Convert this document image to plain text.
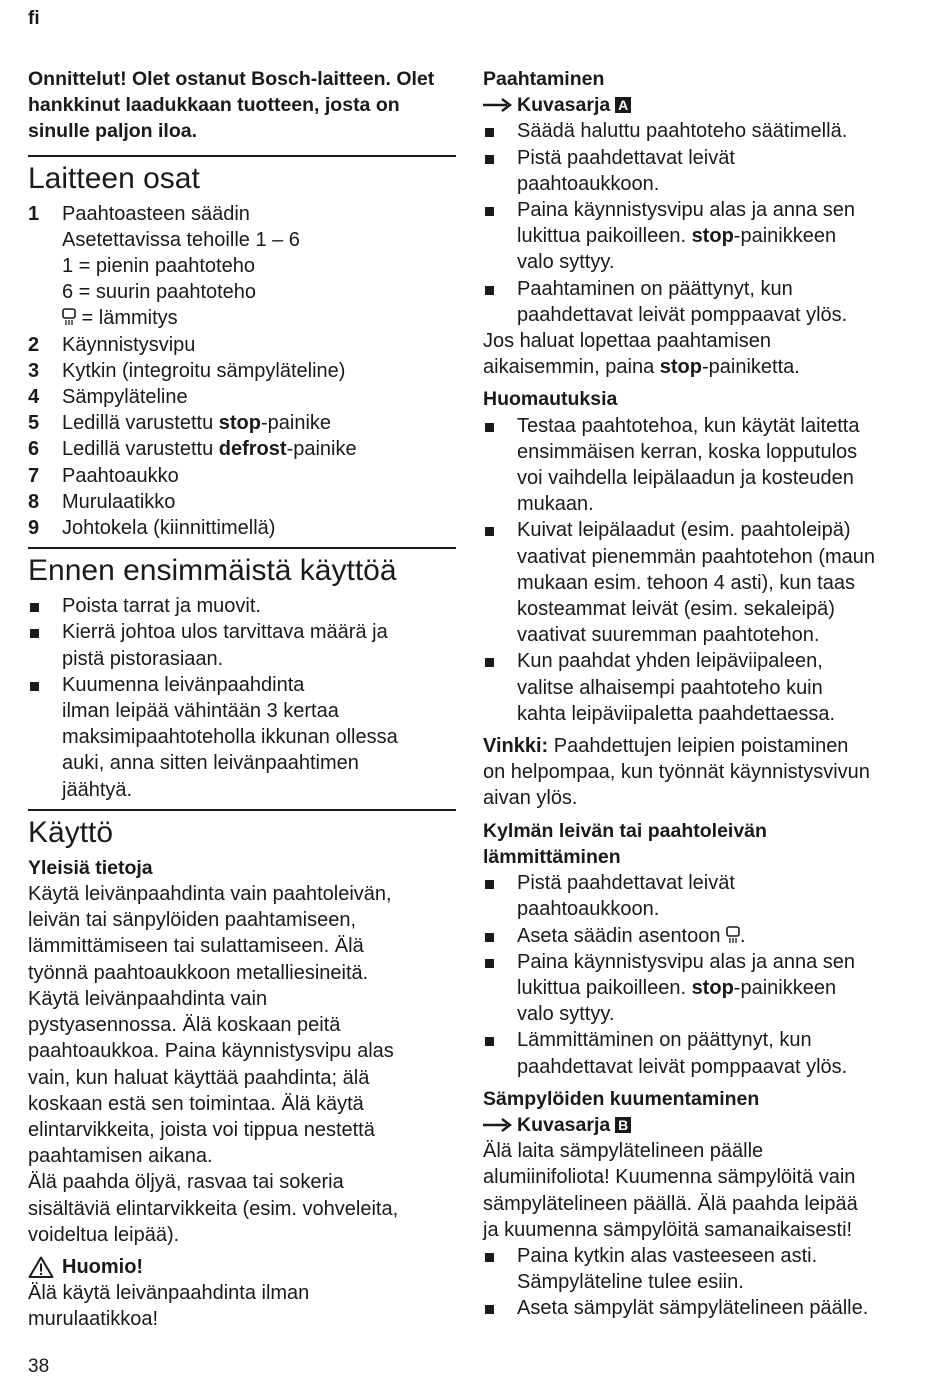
fi
Onnittelut! Olet ostanut Bosch-laitteen. Olet hankkinut laadukkaan tuotteen, josta on sinulle paljon iloa.
Laitteen osat
1	Paahtoasteen säädin
Asetettavissa tehoille 1 – 6
1 = pienin paahtoteho
6 = suurin paahtoteho
= lämmitys
2	Käynnistysvipu
3	Kytkin (integroitu sämpyläteline)
4	Sämpyläteline
5	Ledillä varustettu stop-painike
6	Ledillä varustettu defrost-painike
7	Paahtoaukko
8	Murulaatikko
9	Johtokela (kiinnittimellä)
Ennen ensimmäistä käyttöä
Poista tarrat ja muovit.
Kierrä johtoa ulos tarvittava määrä ja
pistä pistorasiaan.
Kuumenna leivänpaahdinta
ilman leipää vähintään 3 kertaa
maksimipaahtoteholla ikkunan ollessa
auki, anna sitten leivänpaahtimen
jäähtyä.
Käyttö
Yleisiä tietoja
Käytä leivänpaahdinta vain paahtoleivän,
leivän tai sänpylöiden paahtamiseen,
lämmittämiseen tai sulattamiseen. Älä
työnnä paahtoaukkoon metalliesineitä.
Käytä leivänpaahdinta vain
pystyasennossa. Älä koskaan peitä
paahtoaukkoa. Paina käynnistysvipu alas
vain, kun haluat käyttää paahdinta; älä
koskaan estä sen toimintaa. Älä käytä
elintarvikkeita, joista voi tippua nestettä
paahtamisen aikana.
Älä paahda öljyä, rasvaa tai sokeria
sisältäviä elintarvikkeita (esim. vohveleita,
voideltua leipää).
Huomio!
Älä käytä leivänpaahdinta ilman
murulaatikkoa!
Paahtaminen
Kuvasarja A
Säädä haluttu paahtoteho säätimellä.
Pistä paahdettavat leivät
paahtoaukkoon.
Paina käynnistysvipu alas ja anna sen
lukittua paikoilleen. stop-painikkeen
valo syttyy.
Paahtaminen on päättynyt, kun
paahdettavat leivät pomppaavat ylös.
Jos haluat lopettaa paahtamisen
aikaisemmin, paina stop-painiketta.
Huomautuksia
Testaa paahtotehoa, kun käytät laitetta
ensimmäisen kerran, koska lopputulos
voi vaihdella leipälaadun ja kosteuden
mukaan.
Kuivat leipälaadut (esim. paahtoleipä)
vaativat pienemmän paahtotehon (maun
mukaan esim. tehoon 4 asti), kun taas
kosteammat leivät (esim. sekaleipä)
vaativat suuremman paahtotehon.
Kun paahdat yhden leipäviipaleen,
valitse alhaisempi paahtoteho kuin
kahta leipäviipaletta paahdettaessa.
Vinkki: Paahdettujen leipien poistaminen
on helpompaa, kun työnnät käynnistysvivun
aivan ylös.
Kylmän leivän tai paahtoleivän
lämmittäminen
Pistä paahdettavat leivät
paahtoaukkoon.
Aseta säädin asentoon .
Paina käynnistysvipu alas ja anna sen
lukittua paikoilleen. stop-painikkeen
valo syttyy.
Lämmittäminen on päättynyt, kun
paahdettavat leivät pomppaavat ylös.
Sämpylöiden kuumentaminen
Kuvasarja B
Älä laita sämpylätelineen päälle
alumiinifoliota! Kuumenna sämpylöitä vain
sämpylätelineen päällä. Älä paahda leipää
ja kuumenna sämpylöitä samanaikaisesti!
Paina kytkin alas vasteeseen asti.
Sämpyläteline tulee esiin.
Aseta sämpylät sämpylätelineen päälle.
38
